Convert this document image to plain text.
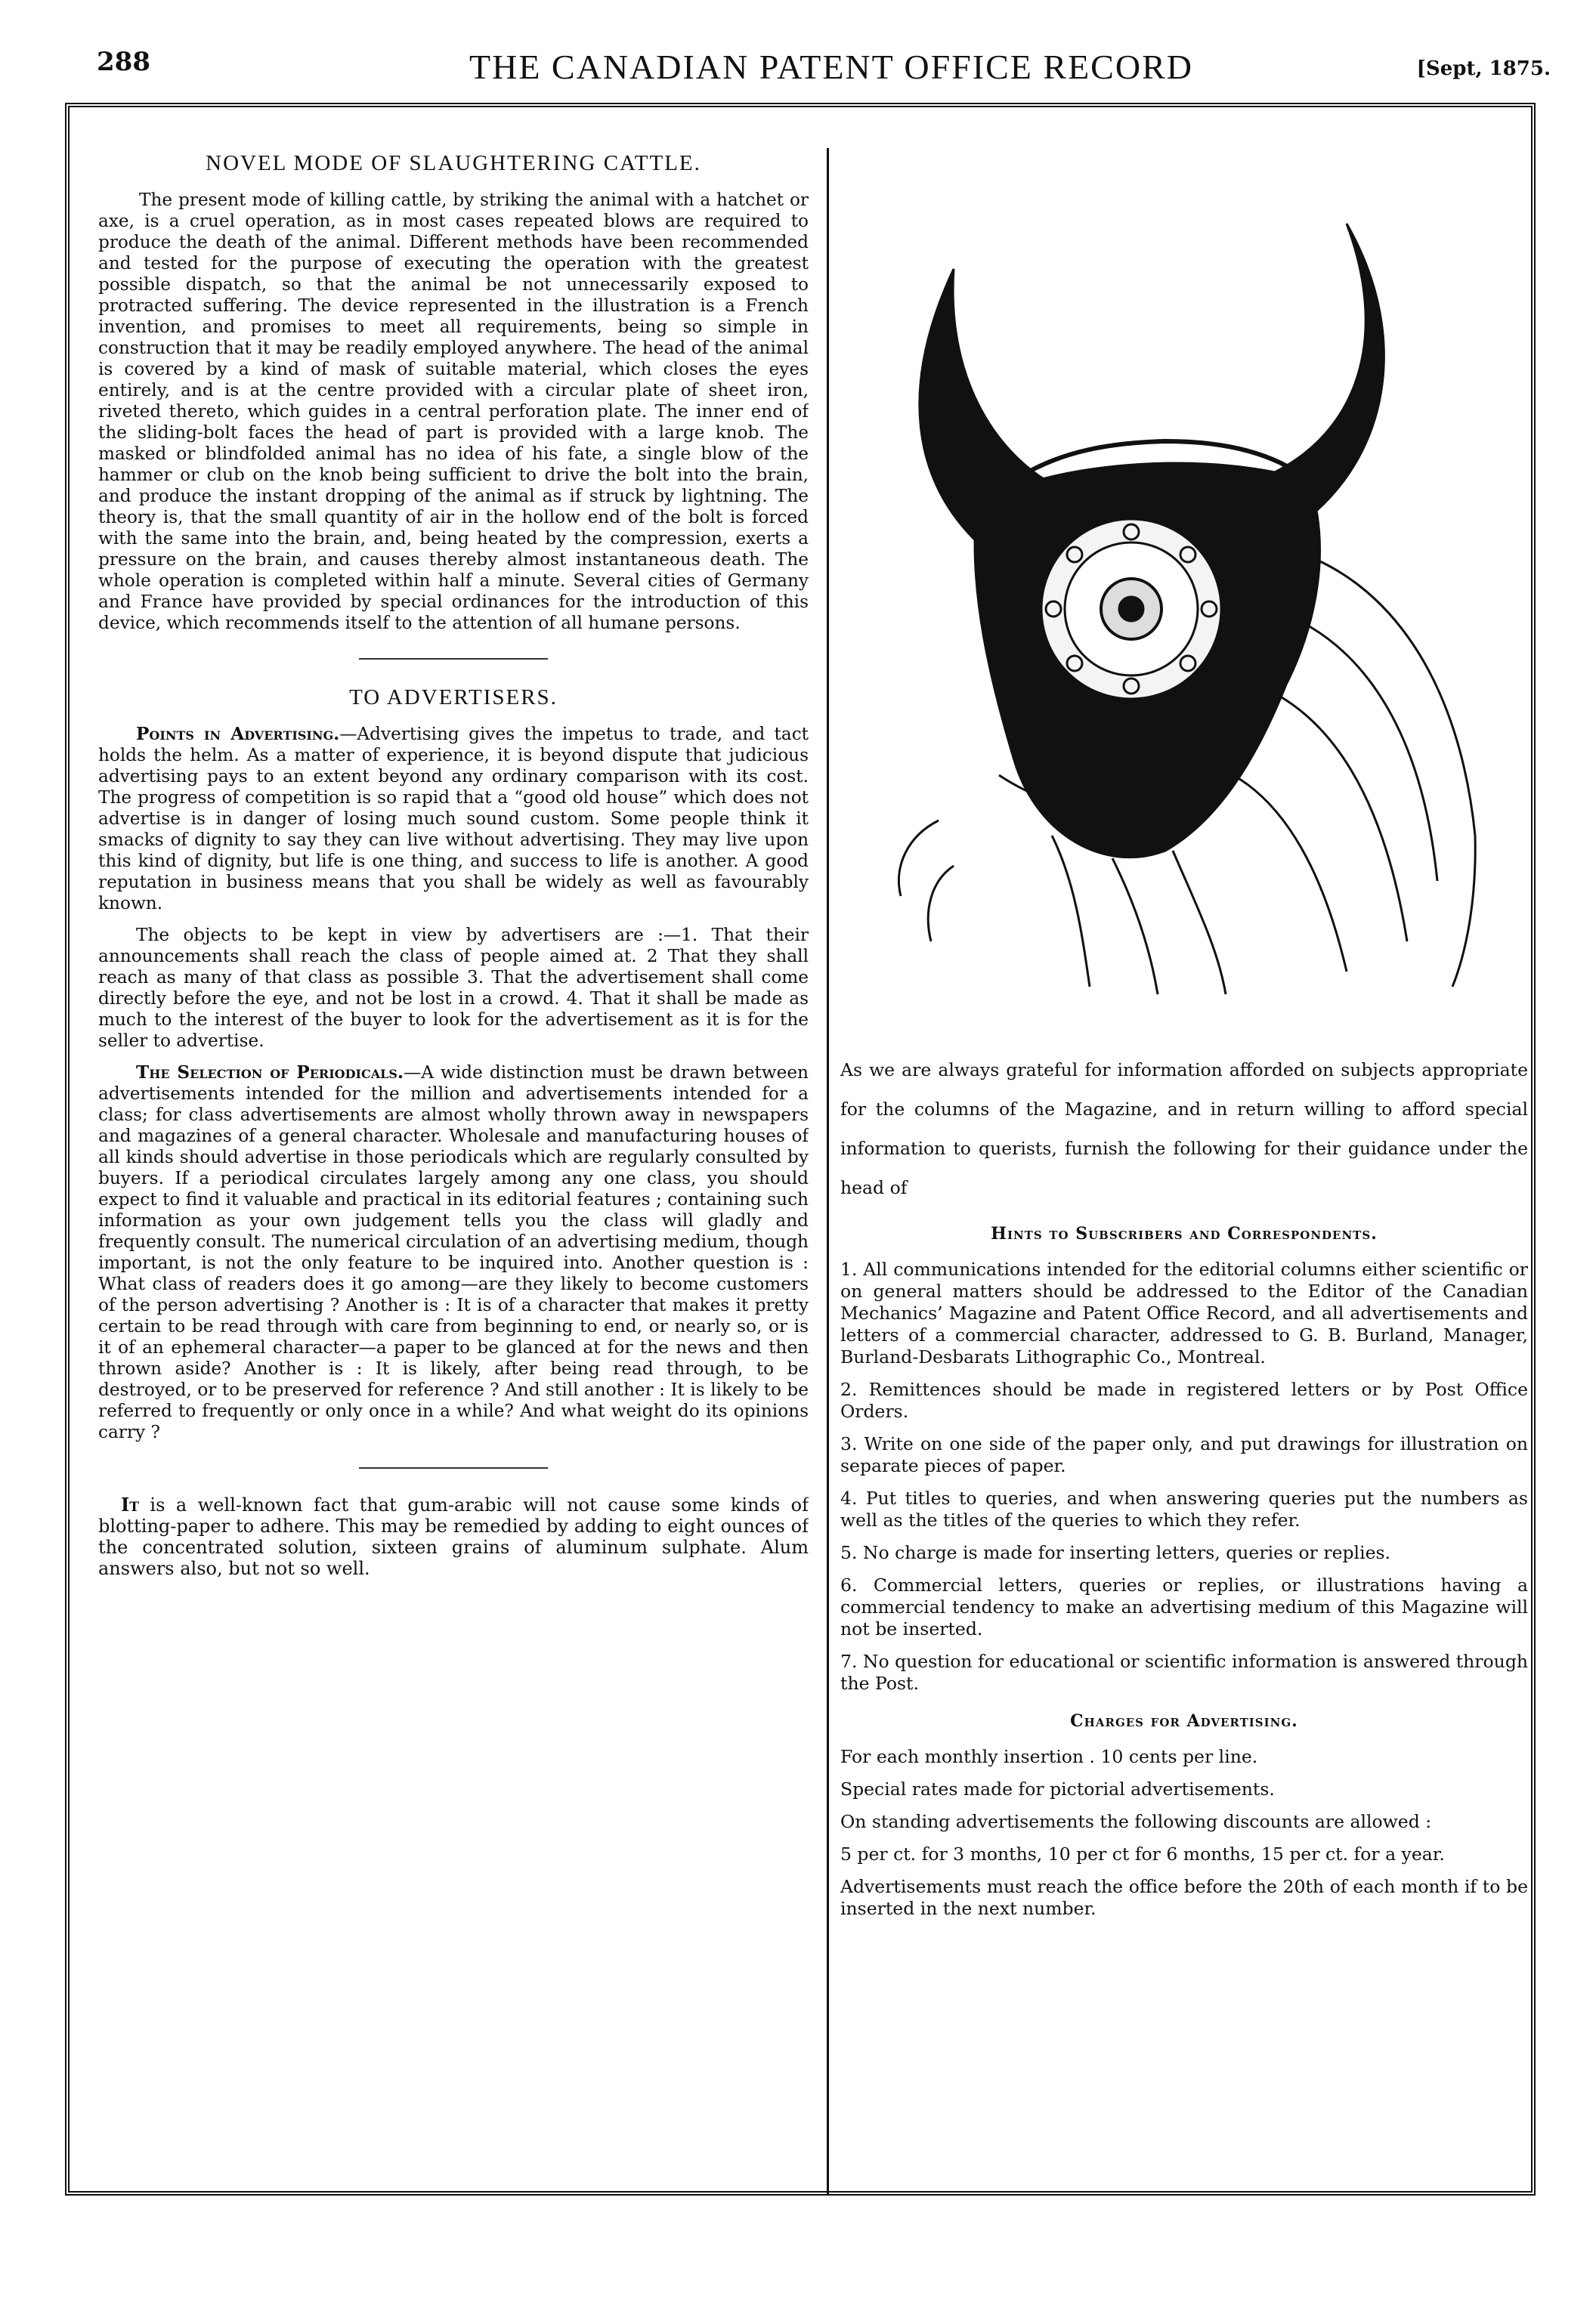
288	THE CANADIAN PATENT OFFICE RECORD	[Sept, 1875.
NOVEL MODE OF SLAUGHTERING CATTLE.

The present mode of killing cattle, by striking the animal with a hatchet or axe, is a cruel operation, as in most cases repeated blows are required to produce the death of the animal. Different methods have been recommended and tested for the purpose of executing the operation with the greatest possible dispatch, so that the animal be not unnecessarily exposed to protracted suffering. The device represented in the illustration is a French invention, and promises to meet all requirements, being so simple in construction that it may be readily employed anywhere. The head of the animal is covered by a kind of mask of suitable material, which closes the eyes entirely, and is at the centre provided with a circular plate of sheet iron, riveted thereto, which guides in a central perforation plate. The inner end of the sliding-bolt faces the head of part is provided with a large knob. The masked or blindfolded animal has no idea of his fate, a single blow of the hammer or club on the knob being sufficient to drive the bolt into the brain, and produce the instant dropping of the animal as if struck by lightning. The theory is, that the small quantity of air in the hollow end of the bolt is forced with the same into the brain, and, being heated by the compression, exerts a pressure on the brain, and causes thereby almost instantaneous death. The whole operation is completed within half a minute. Several cities of Germany and France have provided by special ordinances for the introduction of this device, which recommends itself to the attention of all humane persons.

TO ADVERTISERS.

Points in Advertising.—Advertising gives the impetus to trade, and tact holds the helm. As a matter of experience, it is beyond dispute that judicious advertising pays to an extent beyond any ordinary comparison with its cost. The progress of competition is so rapid that a “good old house” which does not advertise is in danger of losing much sound custom. Some people think it smacks of dignity to say they can live without advertising. They may live upon this kind of dignity, but life is one thing, and success to life is another. A good reputation in business means that you shall be widely as well as favourably known.

The objects to be kept in view by advertisers are :—1. That their announcements shall reach the class of people aimed at. 2 That they shall reach as many of that class as possible 3. That the advertisement shall come directly before the eye, and not be lost in a crowd. 4. That it shall be made as much to the interest of the buyer to look for the advertisement as it is for the seller to advertise.

The Selection of Periodicals.—A wide distinction must be drawn between advertisements intended for the million and advertisements intended for a class; for class advertisements are almost wholly thrown away in newspapers and magazines of a general character. Wholesale and manufacturing houses of all kinds should advertise in those periodicals which are regularly consulted by buyers. If a periodical circulates largely among any one class, you should expect to find it valuable and practical in its editorial features ; containing such information as your own judgement tells you the class will gladly and frequently consult. The numerical circulation of an advertising medium, though important, is not the only feature to be inquired into. Another question is : What class of readers does it go among—are they likely to become customers of the person advertising ? Another is : It is of a character that makes it pretty certain to be read through with care from beginning to end, or nearly so, or is it of an ephemeral character—a paper to be glanced at for the news and then thrown aside? Another is : It is likely, after being read through, to be destroyed, or to be preserved for reference ? And still another : It is likely to be referred to frequently or only once in a while? And what weight do its opinions carry ?

It is a well-known fact that gum-arabic will not cause some kinds of blotting-paper to adhere. This may be remedied by adding to eight ounces of the concentrated solution, sixteen grains of aluminum sulphate. Alum answers also, but not so well.

As we are always grateful for information afforded on subjects appropriate for the columns of the Magazine, and in return willing to afford special information to querists, furnish the following for their guidance under the head of

Hints to Subscribers and Correspondents.

1. All communications intended for the editorial columns either scientific or on general matters should be addressed to the Editor of the Canadian Mechanics’ Magazine and Patent Office Record, and all advertisements and letters of a commercial character, addressed to G. B. Burland, Manager, Burland-Desbarats Lithographic Co., Montreal.

2. Remittences should be made in registered letters or by Post Office Orders.

3. Write on one side of the paper only, and put drawings for illustration on separate pieces of paper.

4. Put titles to queries, and when answering queries put the numbers as well as the titles of the queries to which they refer.

5. No charge is made for inserting letters, queries or replies.

6. Commercial letters, queries or replies, or illustrations having a commercial tendency to make an advertising medium of this Magazine will not be inserted.

7. No question for educational or scientific information is answered through the Post.

Charges for Advertising.

For each monthly insertion . 10 cents per line.

Special rates made for pictorial advertisements.

On standing advertisements the following discounts are allowed :

5 per ct. for 3 months, 10 per ct for 6 months, 15 per ct. for a year.

Advertisements must reach the office before the 20th of each month if to be inserted in the next number.
